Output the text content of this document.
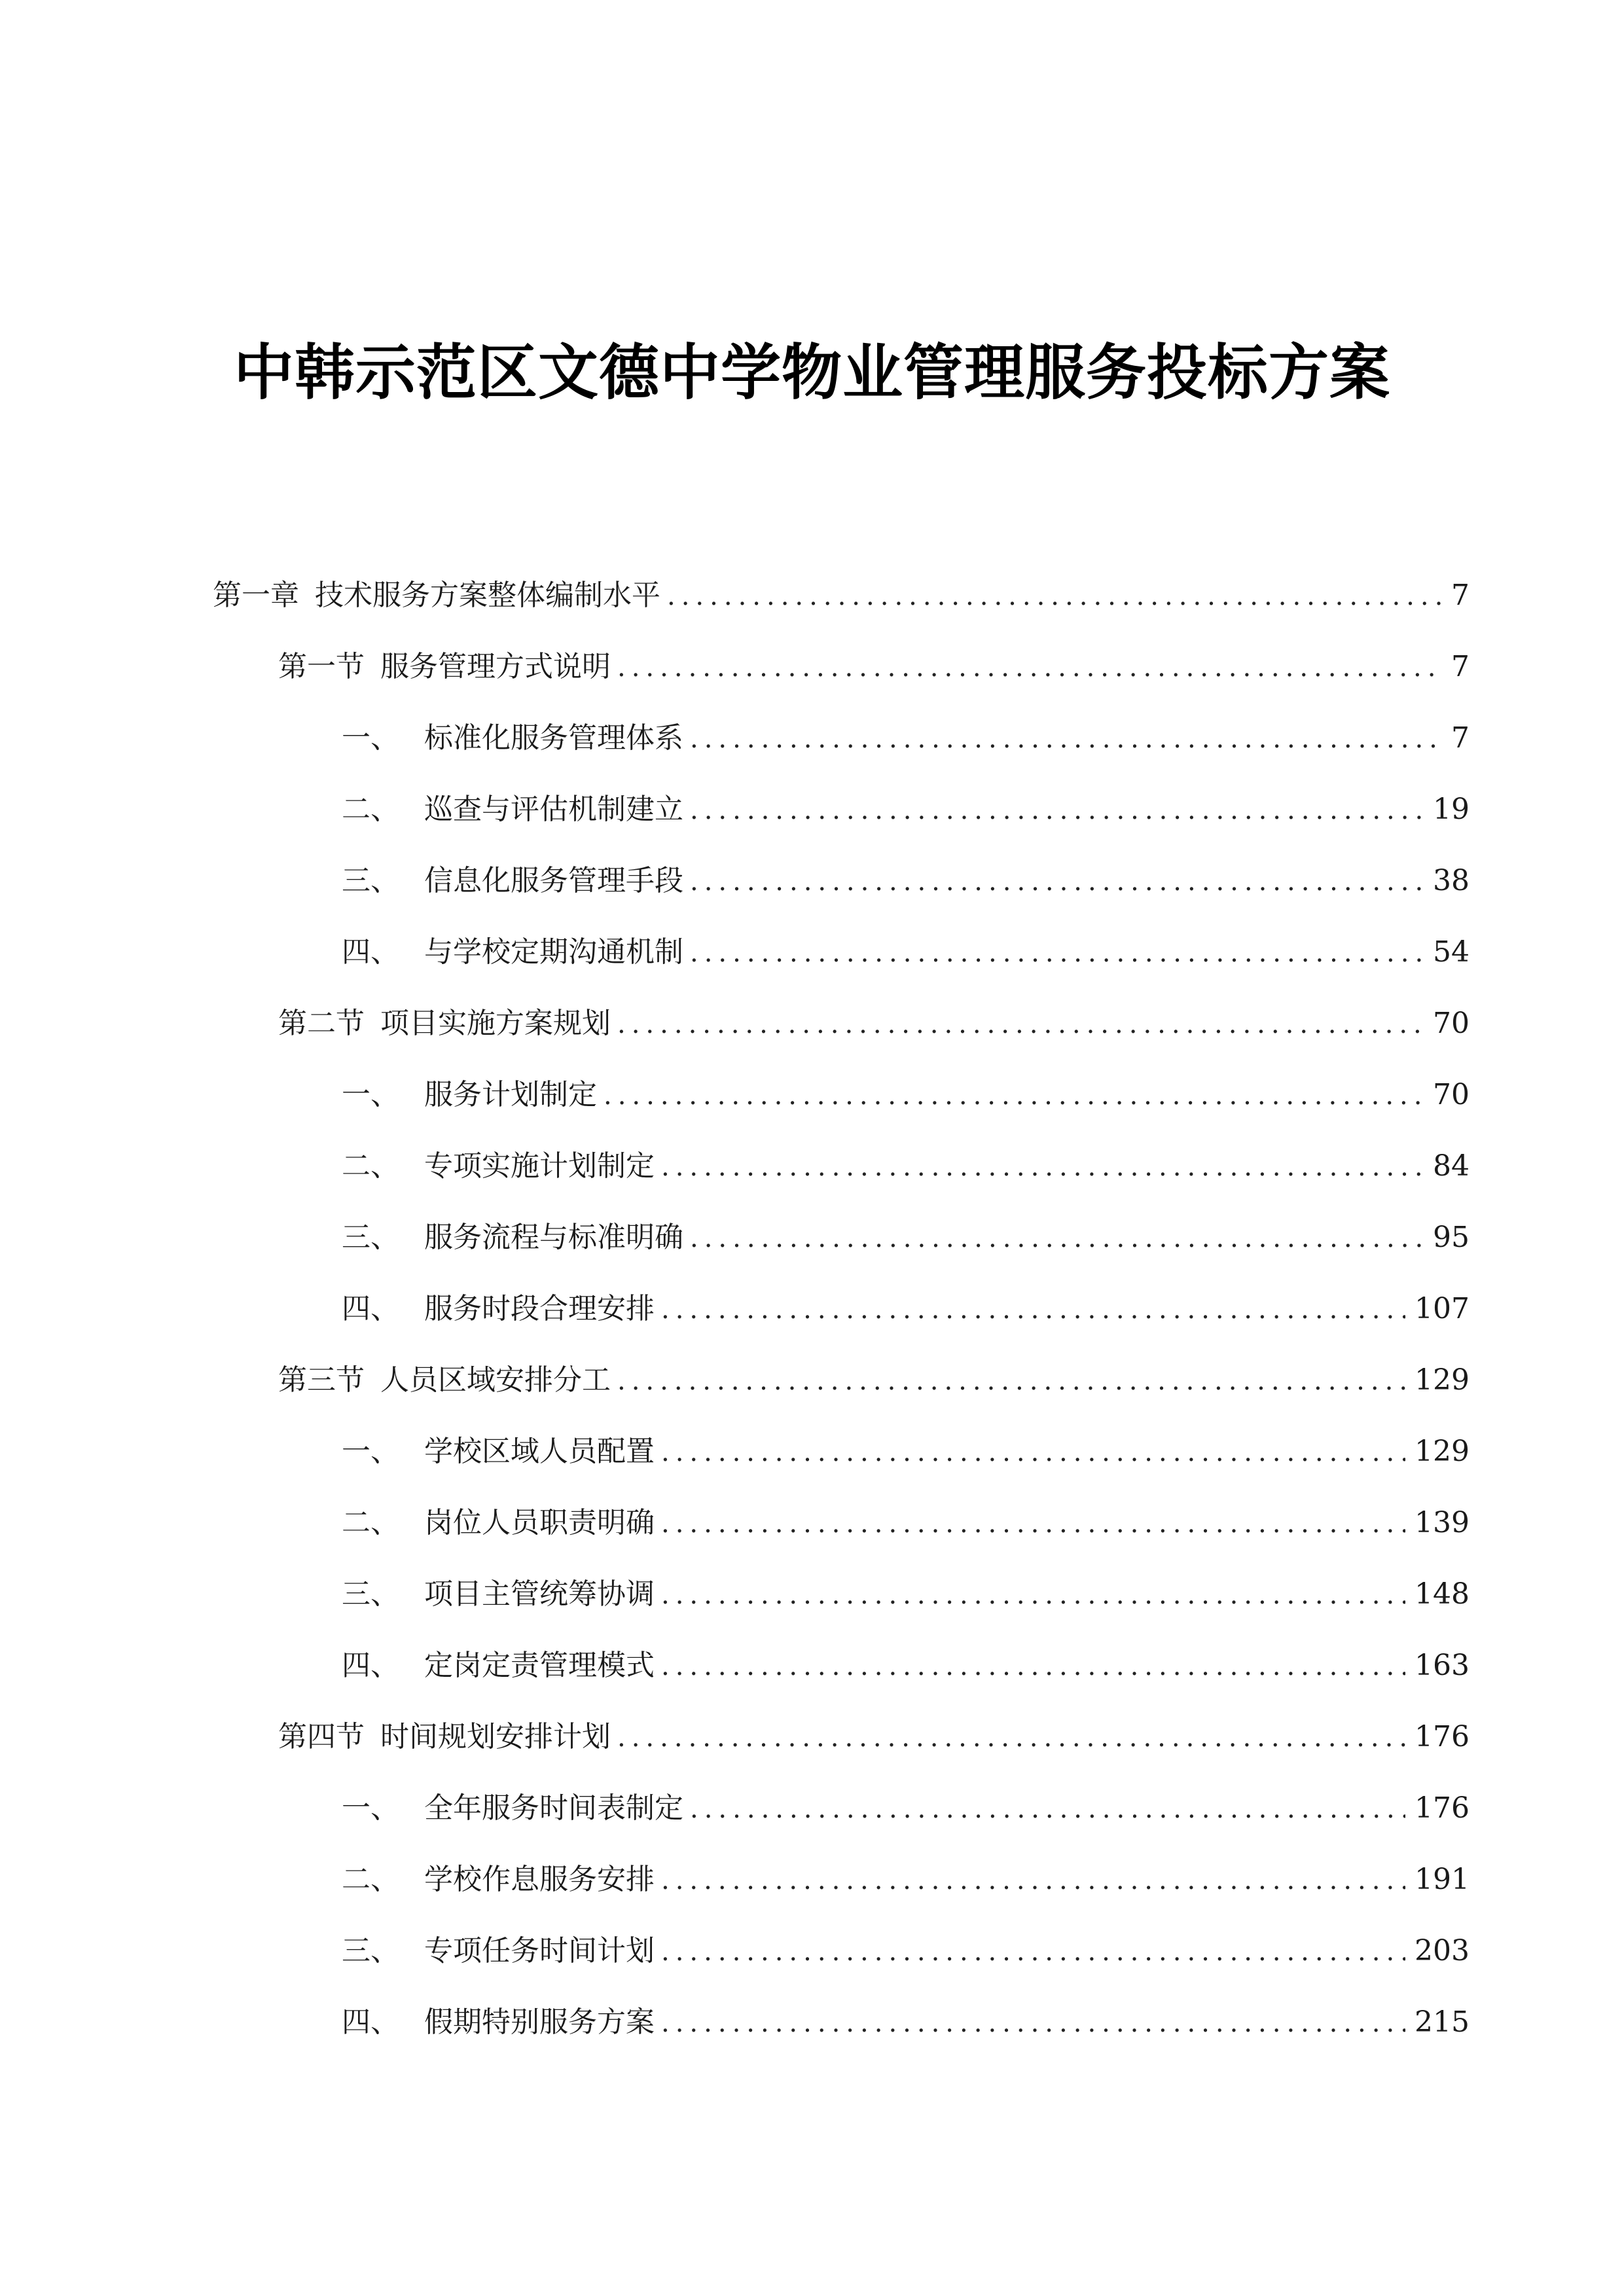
中韩示范区文德中学物业管理服务投标方案
第一章 技术服务方案整体编制水平 .....	7
第一节 服务管理方式说明 .....	7
一、 标准化服务管理体系 .....	7
二、 巡查与评估机制建立 .....	19
三、 信息化服务管理手段 .....	38
四、 与学校定期沟通机制 .....	54
第二节 项目实施方案规划 .....	70
一、 服务计划制定 .....	70
二、 专项实施计划制定 .....	84
三、 服务流程与标准明确 .....	95
四、 服务时段合理安排 .....	107
第三节 人员区域安排分工 .....	129
一、 学校区域人员配置 .....	129
二、 岗位人员职责明确 .....	139
三、 项目主管统筹协调 .....	148
四、 定岗定责管理模式 .....	163
第四节 时间规划安排计划 .....	176
一、 全年服务时间表制定 .....	176
二、 学校作息服务安排 .....	191
三、 专项任务时间计划 .....	203
四、 假期特别服务方案 .....	215
